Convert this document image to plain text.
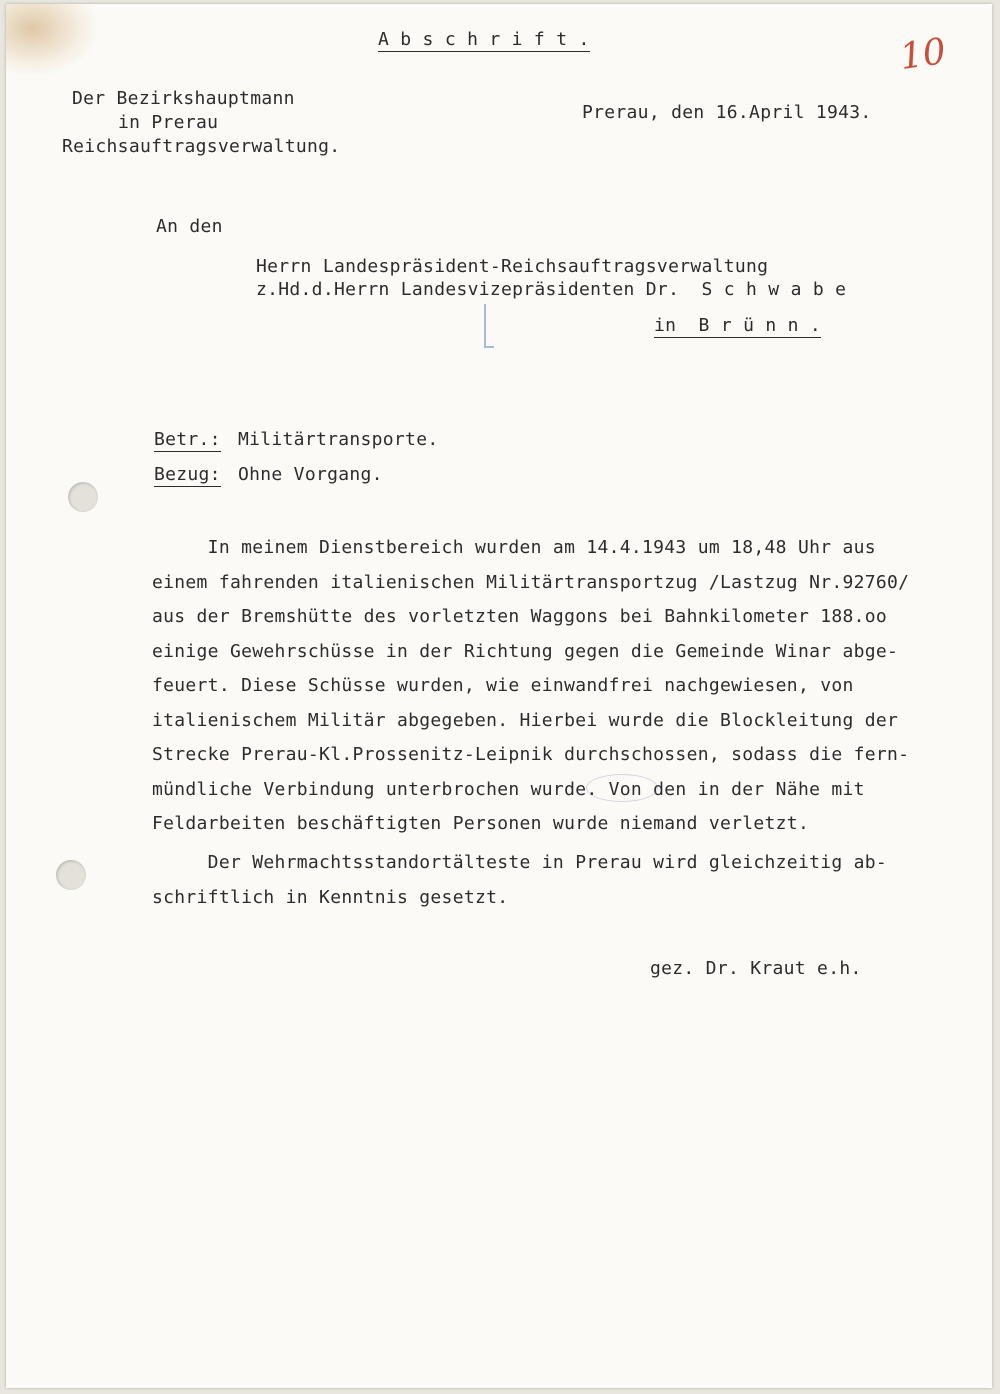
10
A b s c h r i f t .
Der Bezirkshauptmann
in Prerau
Reichsauftragsverwaltung.
Prerau, den 16.April 1943.
An den
Herrn Landespräsident-Reichsauftragsverwaltung
z.Hd.d.Herrn Landesvizepräsidenten Dr.  S c h w a b e
in  B r ü n n .
Betr.: Militärtransporte.
Bezug: Ohne Vorgang.
In meinem Dienstbereich wurden am 14.4.1943 um 18,48 Uhr aus
einem fahrenden italienischen Militärtransportzug /Lastzug Nr.92760/
aus der Bremshütte des vorletzten Waggons bei Bahnkilometer 188.oo
einige Gewehrschüsse in der Richtung gegen die Gemeinde Winar abge-
feuert. Diese Schüsse wurden, wie einwandfrei nachgewiesen, von
italienischem Militär abgegeben. Hierbei wurde die Blockleitung der
Strecke Prerau-Kl.Prossenitz-Leipnik durchschossen, sodass die fern-
mündliche Verbindung unterbrochen wurde. Von den in der Nähe mit
Feldarbeiten beschäftigten Personen wurde niemand verletzt.
Der Wehrmachtsstandortälteste in Prerau wird gleichzeitig ab-
schriftlich in Kenntnis gesetzt.
gez. Dr. Kraut e.h.
